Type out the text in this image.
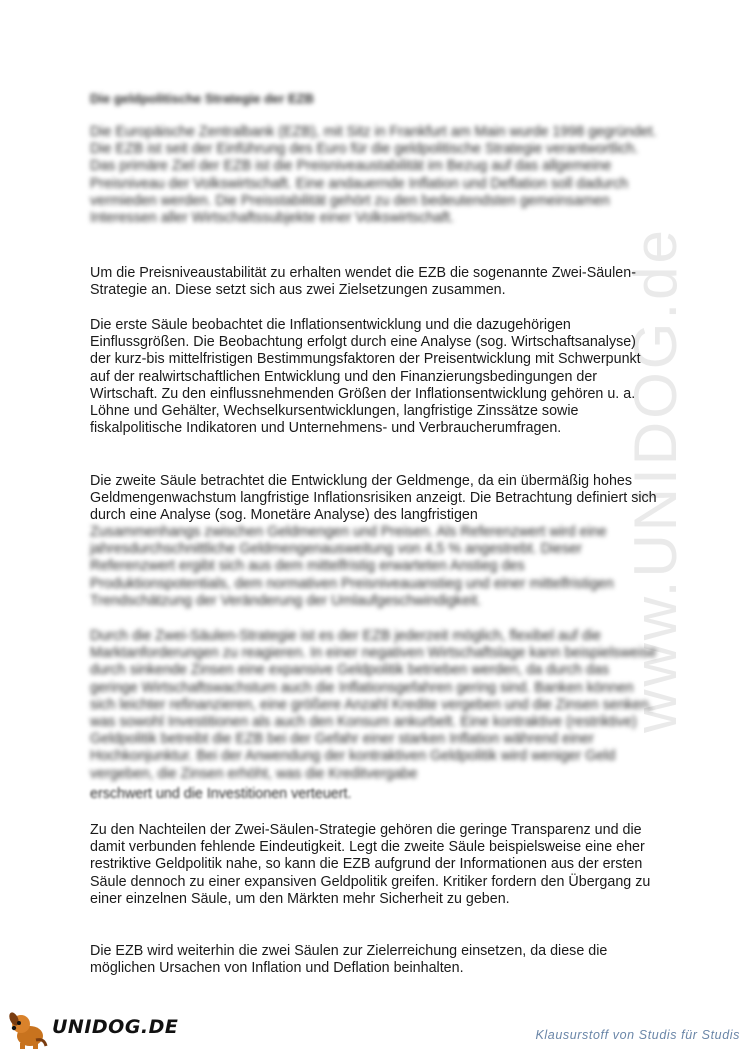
www.UNIDOG.de
Die geldpolitische Strategie der EZB

Die Europäische Zentralbank (EZB), mit Sitz in Frankfurt am Main wurde 1998 gegründet. Die EZB ist seit der Einführung des Euro für die geldpolitische Strategie verantwortlich. Das primäre Ziel der EZB ist die Preisniveaustabilität im Bezug auf das allgemeine Preisniveau der Volkswirtschaft. Eine andauernde Inflation und Deflation soll dadurch vermieden werden. Die Preisstabilität gehört zu den bedeutendsten gemeinsamen Interessen aller Wirtschaftssubjekte einer Volkswirtschaft.

Um die Preisniveaustabilität zu erhalten wendet die EZB die sogenannte Zwei-Säulen-Strategie an. Diese setzt sich aus zwei Zielsetzungen zusammen.

Die erste Säule beobachtet die Inflationsentwicklung und die dazugehörigen Einflussgrößen. Die Beobachtung erfolgt durch eine Analyse (sog. Wirtschaftsanalyse) der kurz-bis mittelfristigen Bestimmungsfaktoren der Preisentwicklung mit Schwerpunkt auf der realwirtschaftlichen Entwicklung und den Finanzierungsbedingungen der Wirtschaft. Zu den einflussnehmenden Größen der Inflationsentwicklung gehören u. a. Löhne und Gehälter, Wechselkursentwicklungen, langfristige Zinssätze sowie fiskalpolitische Indikatoren und Unternehmens- und Verbraucherumfragen.

Die zweite Säule betrachtet die Entwicklung der Geldmenge, da ein übermäßig hohes Geldmengenwachstum langfristige Inflationsrisiken anzeigt. Die Betrachtung definiert sich durch eine Analyse (sog. Monetäre Analyse) des langfristigen

Zusammenhangs zwischen Geldmengen und Preisen. Als Referenzwert wird eine jahresdurchschnittliche Geldmengenausweitung von 4,5 % angestrebt. Dieser Referenzwert ergibt sich aus dem mittelfristig erwarteten Anstieg des Produktionspotentials, dem normativen Preisniveauanstieg und einer mittelfristigen Trendschätzung der Veränderung der Umlaufgeschwindigkeit.

Durch die Zwei-Säulen-Strategie ist es der EZB jederzeit möglich, flexibel auf die Marktanforderungen zu reagieren. In einer negativen Wirtschaftslage kann beispielsweise durch sinkende Zinsen eine expansive Geldpolitik betrieben werden, da durch das geringe Wirtschaftswachstum auch die Inflationsgefahren gering sind. Banken können sich leichter refinanzieren, eine größere Anzahl Kredite vergeben und die Zinsen senken, was sowohl Investitionen als auch den Konsum ankurbelt. Eine kontraktive (restriktive) Geldpolitik betreibt die EZB bei der Gefahr einer starken Inflation während einer Hochkonjunktur. Bei der Anwendung der kontraktiven Geldpolitik wird weniger Geld vergeben, die Zinsen erhöht, was die Kreditvergabe

erschwert und die Investitionen verteuert.

Zu den Nachteilen der Zwei-Säulen-Strategie gehören die geringe Transparenz und die damit verbunden fehlende Eindeutigkeit. Legt die zweite Säule beispielsweise eine eher restriktive Geldpolitik nahe, so kann die EZB aufgrund der Informationen aus der ersten Säule dennoch zu einer expansiven Geldpolitik greifen. Kritiker fordern den Übergang zu einer einzelnen Säule, um den Märkten mehr Sicherheit zu geben.

Die EZB wird weiterhin die zwei Säulen zur Zielerreichung einsetzen, da diese die möglichen Ursachen von Inflation und Deflation beinhalten.

UNIDOG.DE	Klausurstoff von Studis für Studis
